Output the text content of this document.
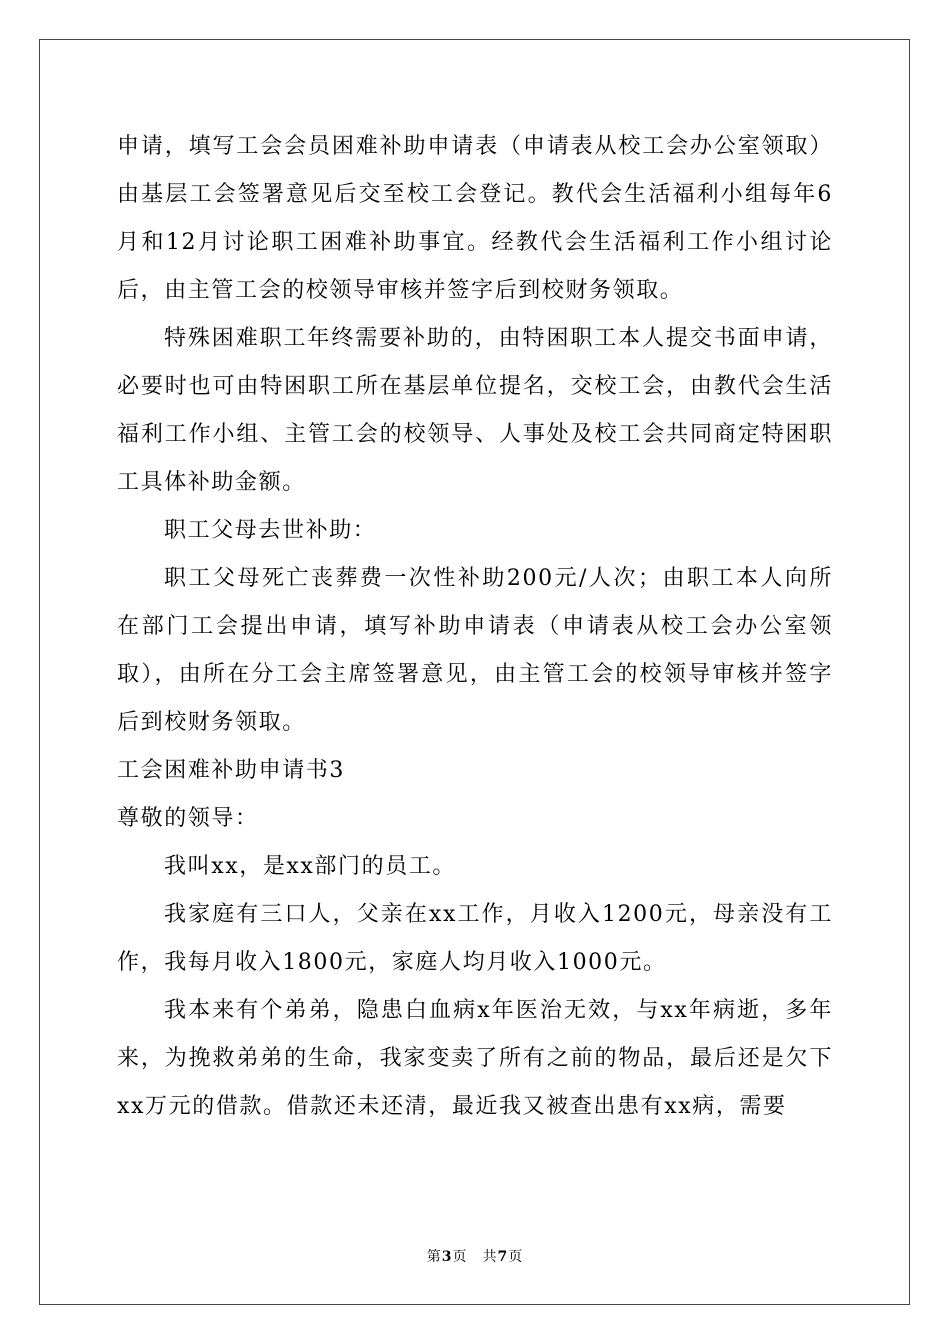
申请，填写工会会员困难补助申请表（申请表从校工会办公室领取）由基层工会签署意见后交至校工会登记。教代会生活福利小组每年6月和12月讨论职工困难补助事宜。经教代会生活福利工作小组讨论后，由主管工会的校领导审核并签字后到校财务领取。

特殊困难职工年终需要补助的，由特困职工本人提交书面申请，必要时也可由特困职工所在基层单位提名，交校工会，由教代会生活福利工作小组、主管工会的校领导、人事处及校工会共同商定特困职工具体补助金额。

职工父母去世补助：

职工父母死亡丧葬费一次性补助200元/人次；由职工本人向所在部门工会提出申请，填写补助申请表（申请表从校工会办公室领取），由所在分工会主席签署意见，由主管工会的校领导审核并签字后到校财务领取。

工会困难补助申请书3

尊敬的领导：

我叫xx，是xx部门的员工。

我家庭有三口人，父亲在xx工作，月收入1200元，母亲没有工作，我每月收入1800元，家庭人均月收入1000元。

我本来有个弟弟，隐患白血病x年医治无效，与xx年病逝，多年来，为挽救弟弟的生命，我家变卖了所有之前的物品，最后还是欠下xx万元的借款。借款还未还清，最近我又被查出患有xx病，需要

第3页　共7页
